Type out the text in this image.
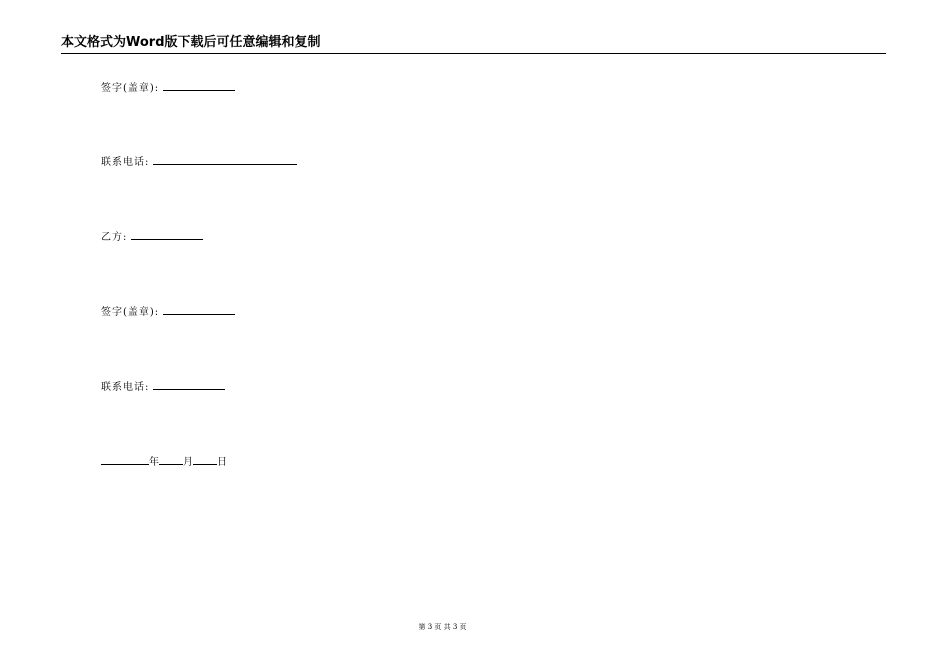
本文格式为Word版下载后可任意编辑和复制
签字(盖章):
联系电话:
乙方:
签字(盖章):
联系电话:
年 月 日
第 3 页 共 3 页
